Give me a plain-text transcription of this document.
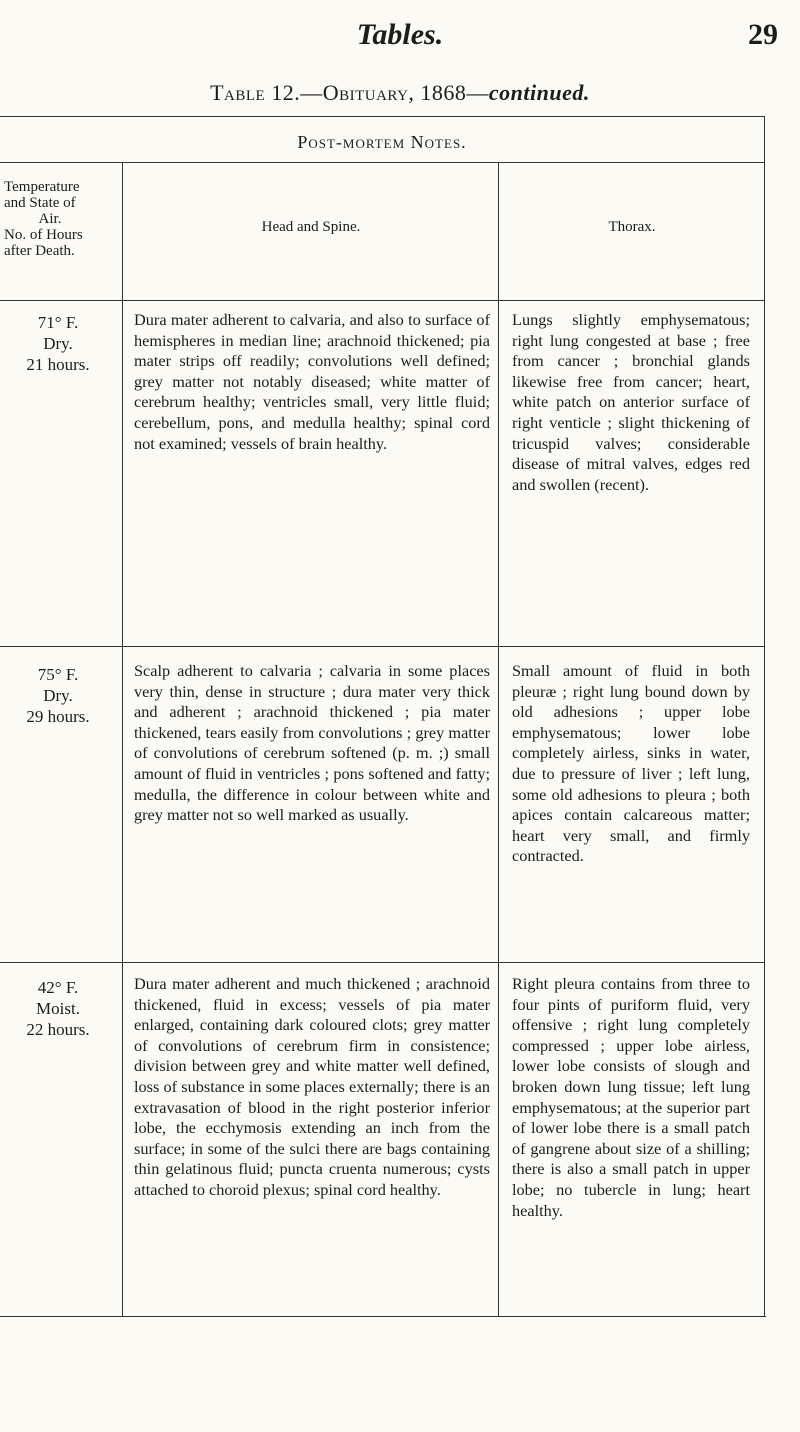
Tables.	29
Table 12.—Obituary, 1868—continued.
Post-mortem Notes.
Temperature
and State of
Air.
No. of Hours
after Death.
Head and Spine.	Thorax.
71° F.
Dry.
21 hours.
Dura mater adherent to calvaria, and also to surface of hemispheres in median line; arachnoid thickened; pia mater strips off readily; convolutions well defined; grey matter not notably diseased; white matter of cerebrum healthy; ventricles small, very little fluid; cerebellum, pons, and medulla healthy; spinal cord not examined; vessels of brain healthy.
Lungs slightly emphysematous; right lung congested at base ; free from cancer ; bronchial glands likewise free from cancer; heart, white patch on anterior surface of right venticle ; slight thickening of tricuspid valves; considerable disease of mitral valves, edges red and swollen (recent).
75° F.
Dry.
29 hours.
Scalp adherent to calvaria ; calvaria in some places very thin, dense in structure ; dura mater very thick and adherent ; arachnoid thickened ; pia mater thickened, tears easily from convolutions ; grey matter of convolutions of cerebrum softened (p. m. ;) small amount of fluid in ventricles ; pons softened and fatty; medulla, the difference in colour between white and grey matter not so well marked as usually.
Small amount of fluid in both pleuræ ; right lung bound down by old adhesions ; upper lobe emphysematous; lower lobe completely airless, sinks in water, due to pressure of liver ; left lung, some old adhesions to pleura ; both apices contain calcareous matter; heart very small, and firmly contracted.
42° F.
Moist.
22 hours.
Dura mater adherent and much thickened ; arachnoid thickened, fluid in excess; vessels of pia mater enlarged, containing dark coloured clots; grey matter of convolutions of cerebrum firm in consistence; division between grey and white matter well defined, loss of substance in some places externally; there is an extravasation of blood in the right posterior inferior lobe, the ecchymosis extending an inch from the surface; in some of the sulci there are bags containing thin gelatinous fluid; puncta cruenta numerous; cysts attached to choroid plexus; spinal cord healthy.
Right pleura contains from three to four pints of puriform fluid, very offensive ; right lung completely compressed ; upper lobe airless, lower lobe consists of slough and broken down lung tissue; left lung emphysematous; at the superior part of lower lobe there is a small patch of gangrene about size of a shilling; there is also a small patch in upper lobe; no tubercle in lung; heart healthy.
